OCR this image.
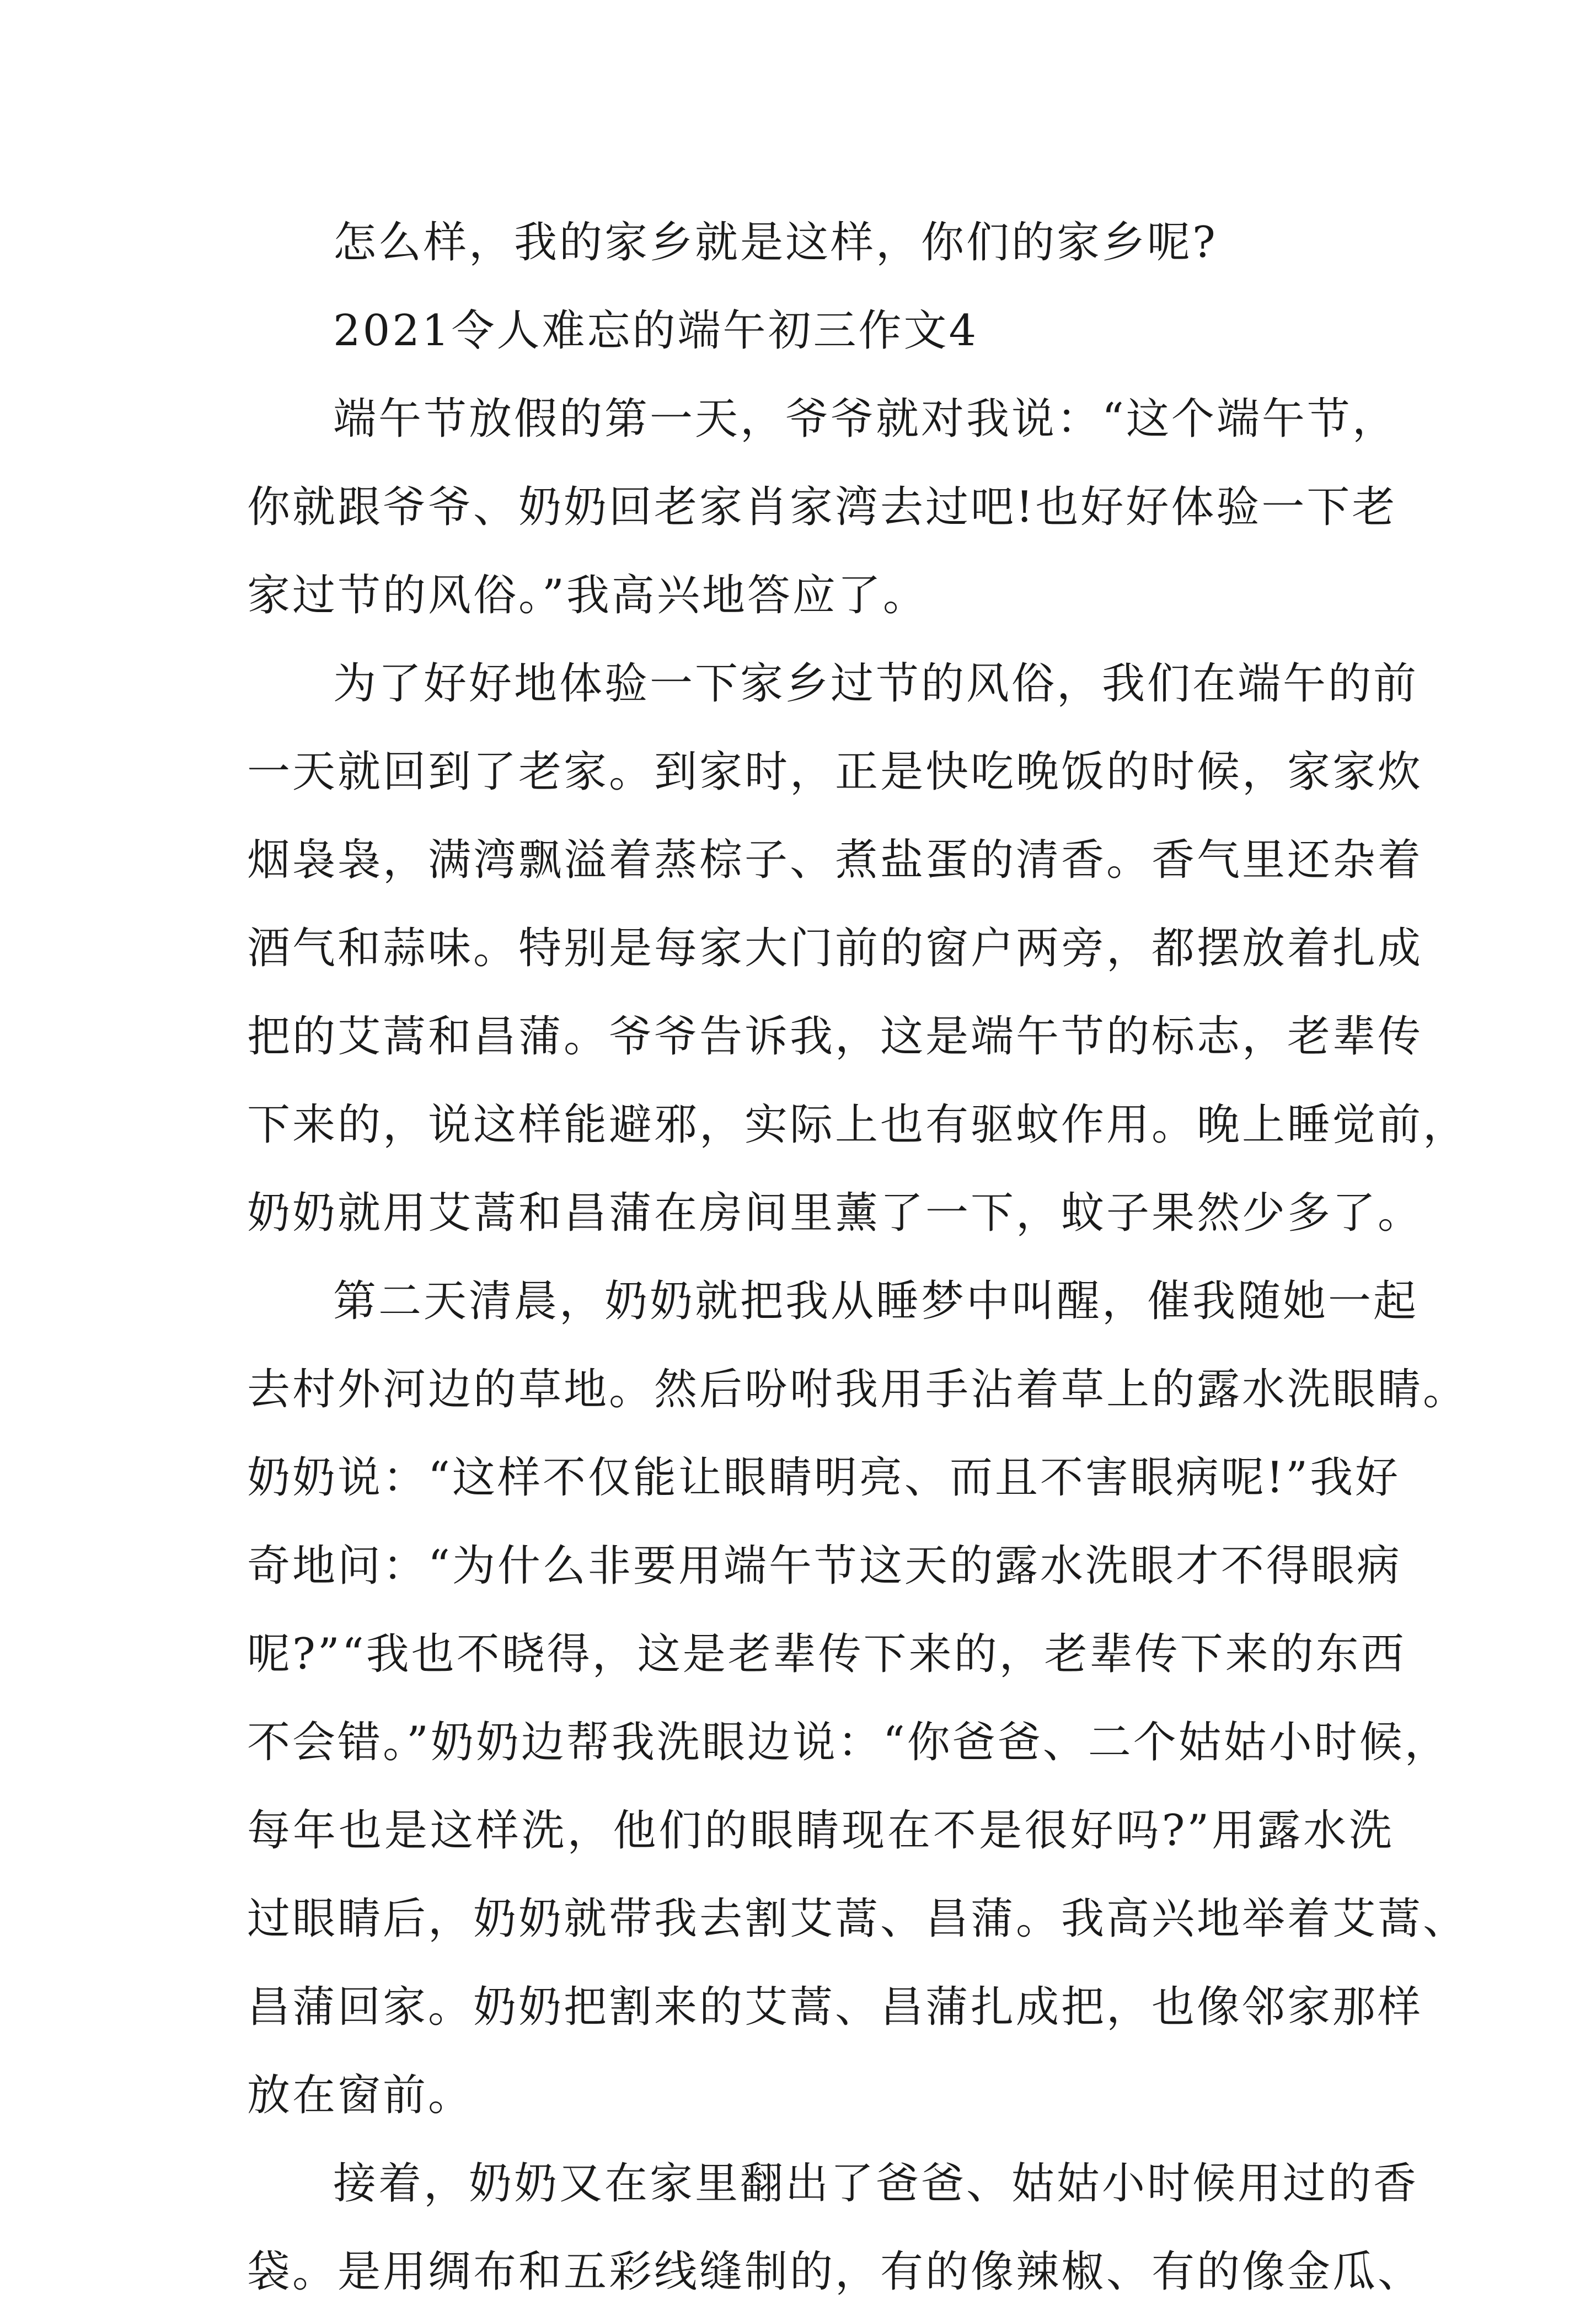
怎么样，我的家乡就是这样，你们的家乡呢?
2021令人难忘的端午初三作文4
端午节放假的第一天，爷爷就对我说：“这个端午节，
你就跟爷爷、奶奶回老家肖家湾去过吧!也好好体验一下老
家过节的风俗。”我高兴地答应了。
为了好好地体验一下家乡过节的风俗，我们在端午的前
一天就回到了老家。到家时，正是快吃晚饭的时候，家家炊
烟袅袅，满湾飘溢着蒸棕子、煮盐蛋的清香。香气里还杂着
酒气和蒜味。特别是每家大门前的窗户两旁，都摆放着扎成
把的艾蒿和昌蒲。爷爷告诉我，这是端午节的标志，老辈传
下来的，说这样能避邪，实际上也有驱蚊作用。晚上睡觉前，
奶奶就用艾蒿和昌蒲在房间里薰了一下，蚊子果然少多了。
第二天清晨，奶奶就把我从睡梦中叫醒，催我随她一起
去村外河边的草地。然后吩咐我用手沾着草上的露水洗眼睛。
奶奶说：“这样不仅能让眼睛明亮、而且不害眼病呢!”我好
奇地问：“为什么非要用端午节这天的露水洗眼才不得眼病
呢?”“我也不晓得，这是老辈传下来的，老辈传下来的东西
不会错。”奶奶边帮我洗眼边说：“你爸爸、二个姑姑小时候，
每年也是这样洗，他们的眼睛现在不是很好吗?”用露水洗
过眼睛后，奶奶就带我去割艾蒿、昌蒲。我高兴地举着艾蒿、
昌蒲回家。奶奶把割来的艾蒿、昌蒲扎成把，也像邻家那样
放在窗前。
接着，奶奶又在家里翻出了爸爸、姑姑小时候用过的香
袋。是用绸布和五彩线缝制的，有的像辣椒、有的像金瓜、
